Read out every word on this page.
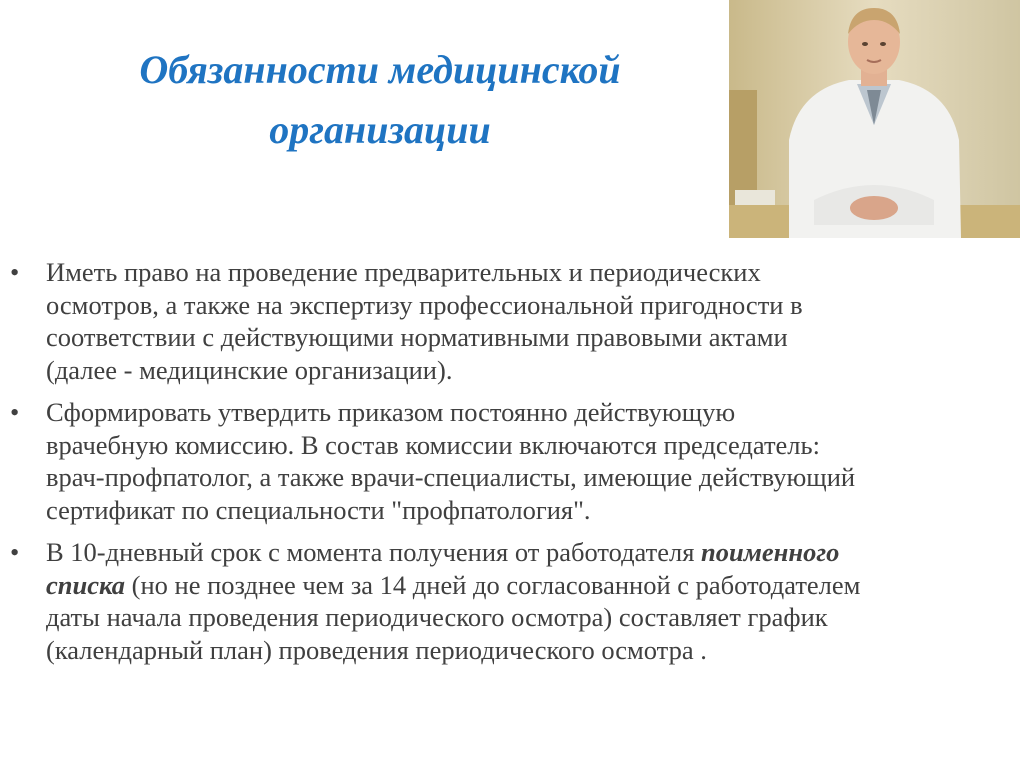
Обязанности медицинской
организации
•	Иметь право на проведение предварительных и периодических
осмотров, а также на экспертизу профессиональной пригодности в
соответствии с действующими нормативными правовыми актами
(далее - медицинские организации).
•	Сформировать утвердить приказом постоянно действующую
врачебную комиссию. В состав комиссии включаются председатель:
врач-профпатолог, а также врачи-специалисты, имеющие действующий
сертификат по специальности "профпатология".
•	В 10-дневный срок с момента получения от работодателя поименного
списка (но не позднее чем за 14 дней до согласованной с работодателем
даты начала проведения периодического осмотра) составляет график
(календарный план) проведения периодического осмотра .
